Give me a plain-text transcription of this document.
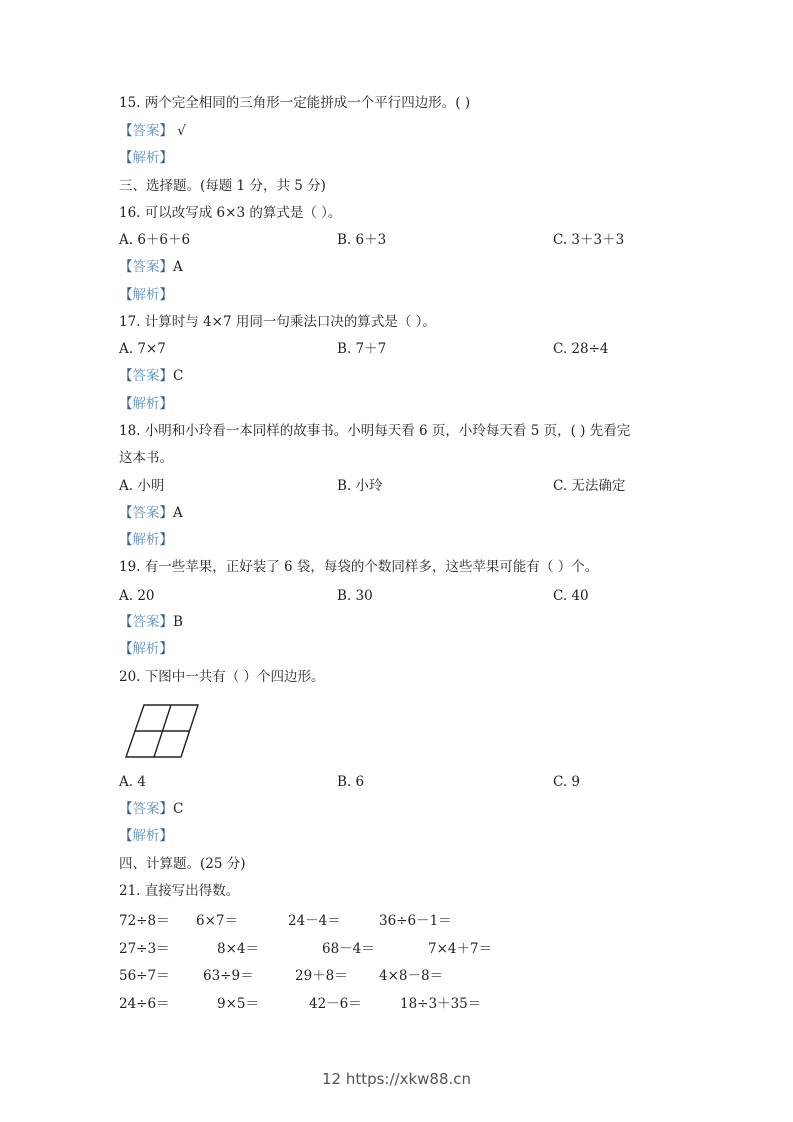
15. 两个完全相同的三角形一定能拼成一个平行四边形。( )
【答案】 √
【解析】
三、选择题。(每题 1 分，共 5 分)
16. 可以改写成 6×3 的算式是（ ）。
A. 6＋6＋6	B. 6＋3	C. 3＋3＋3
【答案】A
【解析】
17. 计算时与 4×7 用同一句乘法口决的算式是（ ）。
A. 7×7	B. 7＋7	C. 28÷4
【答案】C
【解析】
18. 小明和小玲看一本同样的故事书。小明每天看 6 页，小玲每天看 5 页，( ) 先看完
这本书。
A. 小明	B. 小玲	C. 无法确定
【答案】A
【解析】
19. 有一些苹果，正好装了 6 袋，每袋的个数同样多，这些苹果可能有（ ）个。
A. 20	B. 30	C. 40
【答案】B
【解析】
20. 下图中一共有（ ）个四边形。
A. 4	B. 6	C. 9
【答案】C
【解析】
四、计算题。(25 分)
21. 直接写出得数。
72÷8＝ 6×7＝	24－4＝	36÷6－1＝
27÷3＝	8×4＝	68－4＝	7×4＋7＝
56÷7＝ 63÷9＝	29＋8＝ 4×8－8＝
24÷6＝	9×5＝	42－6＝	18÷3＋35＝
12 https://xkw88.cn
